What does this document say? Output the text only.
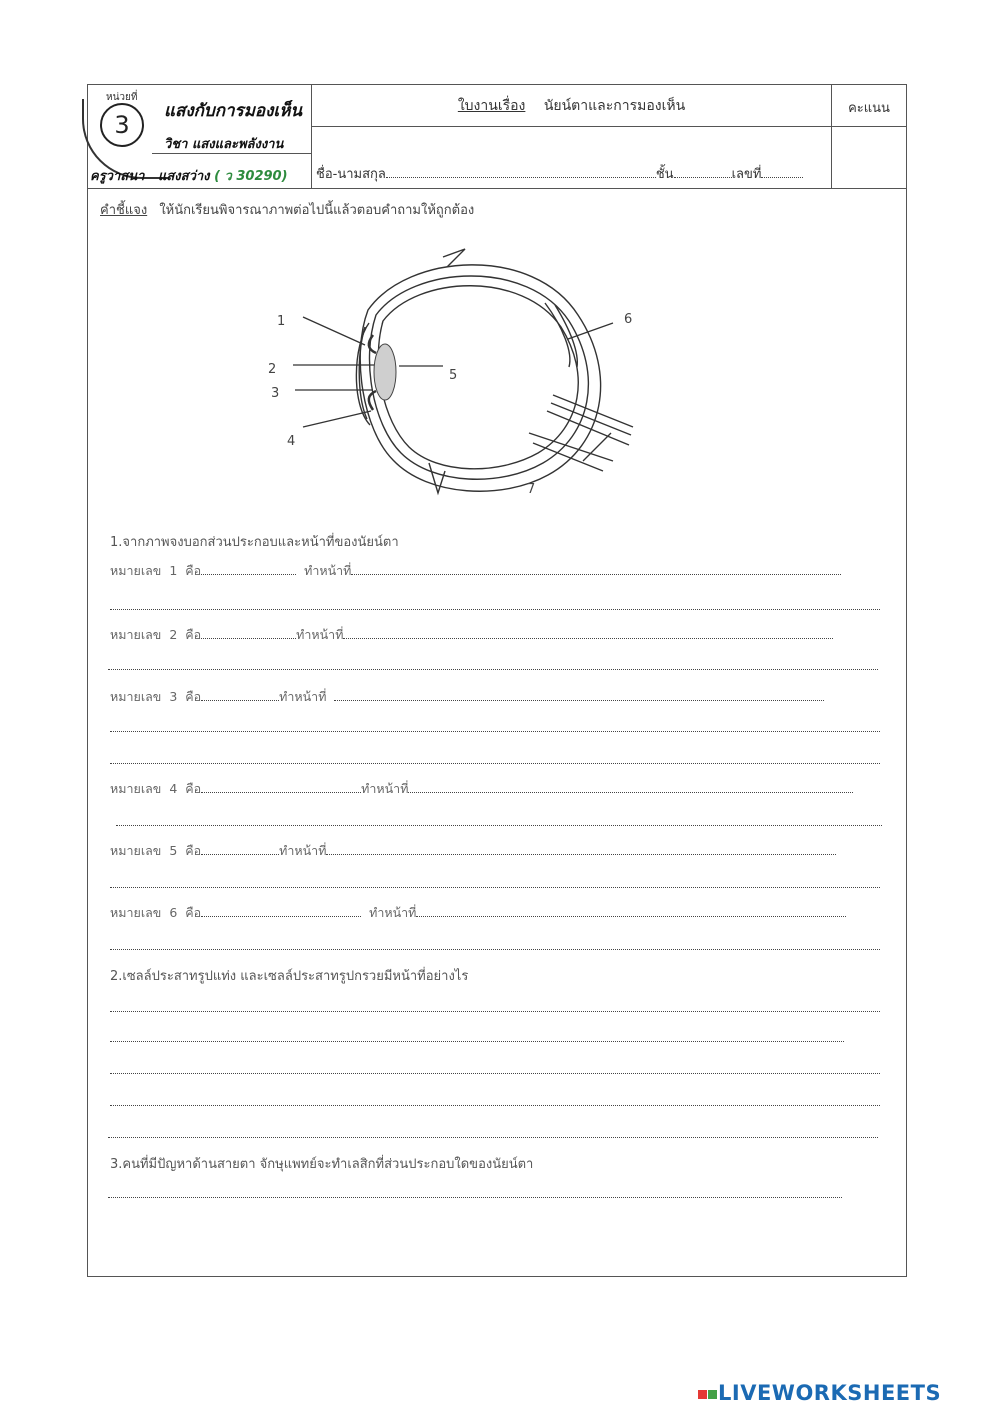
หน่วยที่
3	แสงกับการมองเห็น
วิชา แสงและพลังงาน
ครูวาสนา แสงสว่าง ( ว 30290)
ใบงานเรื่อง นัยน์ตาและการมองเห็น
ชื่อ-นามสกุล	ชั้น	เลขที่
คะแนน
คำชี้แจง ให้นักเรียนพิจารณาภาพต่อไปนี้แล้วตอบคำถามให้ถูกต้อง
1
2
3
4
5
6
7
1.จากภาพจงบอกส่วนประกอบและหน้าที่ของนัยน์ตา
หมายเลข 1 คือ	ทำหน้าที่
หมายเลข 2 คือ	ทำหน้าที่
หมายเลข 3 คือ	ทำหน้าที่
หมายเลข 4 คือ	ทำหน้าที่
หมายเลข 5 คือ	ทำหน้าที่
หมายเลข 6 คือ	ทำหน้าที่
2.เซลล์ประสาทรูปแท่ง และเซลล์ประสาทรูปกรวยมีหน้าที่อย่างไร
3.คนที่มีปัญหาด้านสายตา จักษุแพทย์จะทำเลสิกที่ส่วนประกอบใดของนัยน์ตา
LIVEWORKSHEETS
